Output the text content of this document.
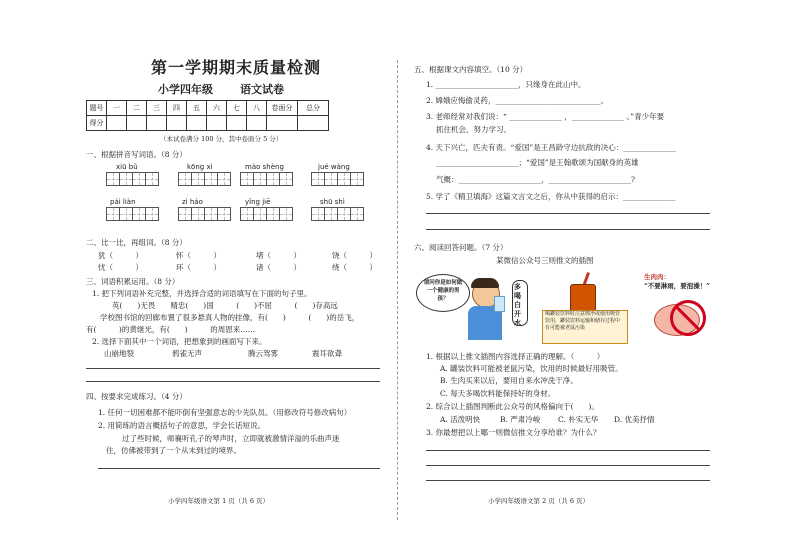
第一学期期末质量检测
小学四年级 语文试卷
题号	一	二	三	四	五	六	七	八	卷面分	总分
得分										
（本试卷满分 100 分，其中卷面分 5 分）
一、根据拼音写词语。（8 分）
xiū bǔ	kōng xì	mào shèng	jué wàng
pái liàn	zì háo	yǐng jiē	shū shì
二、比一比，再组词。（8 分）
犹（　　　）	怀（　　　）	堵（　　　）	饶（　　　）
忧（　　　）	环（　　　）	诸（　　　）	绕（　　　）
三、词语积累运用。（8 分）
1. 把下列词语补充完整，并选择合适的词语填写在下面的句子里。
英(　　)无畏　　精忠(　　)国　　　(　　)不屈　　　(　　)存高远
学校图书馆的回廊布置了很多悬真人物的挂像，有(　　)　　　(　　)的岳飞，
有(　　　)的黄继光，有(　　)　　　的周恩来……
2. 选择下面其中一个词语，把想象到的画面写下来。
山崩地裂	鸦雀无声	腾云驾雾	震耳欲聋
四、按要求完成练习。（4 分）
1. 任何一切困难都不能吓倒有坚强意志的少先队员。（用修改符号修改病句）
2. 用简练的语言概括句子的意思，学会长话短说。
过了些时候，师襄听孔子的琴声时，立即就被激情洋溢的乐曲声迷
住，仿佛被带到了一个从未到过的境界。
小学四年级语文第 1 页（共 6 页）
五、根据课文内容填空。（10 分）
1. ______________________，只缘身在此山中。
2. 嫦娥应悔偷灵药，____________________________。
3. 老师经常对我们说：“ ______________ ，______________ 。”青少年要
抓住机会，努力学习。
4. 天下兴亡，匹夫有责。“爱国”是王昌龄守边抗敌的决心：______________
______________________；“爱国”是王翰歌颂为国献身的英雄
气概：______________________，______________________?
5. 学了《精卫填海》这篇文言文之后，你从中获得的启示：______________
六、阅读回答问题。（7 分）
某微信公众号三则推文的插图
请问你是如何做一个健康的男孩？
多喝白开水
喝罐装饮料时注意擦净或使用吸管饮用，罐装饮料运输和储存过程中有可能被老鼠污染
生肉肉：
“不要淋雨，要泡澡！”
1. 根据以上推文插图内容选择正确的理解。（　　　）
A. 罐装饮料可能被老鼠污染，饮用的时候最好用吸管。
B. 生肉买来以后，要用自来水冲洗干净。
C. 每天多喝饮料能保持好的身材。
2. 综合以上插图判断此公众号的风格偏向于(　　)。
A. 活泼明快	B. 严肃冷峻 C. 朴实无华 D. 优美抒情
3. 你最想把以上哪一则微信推文分享给谁？为什么？
小学四年级语文第 2 页（共 6 页）
